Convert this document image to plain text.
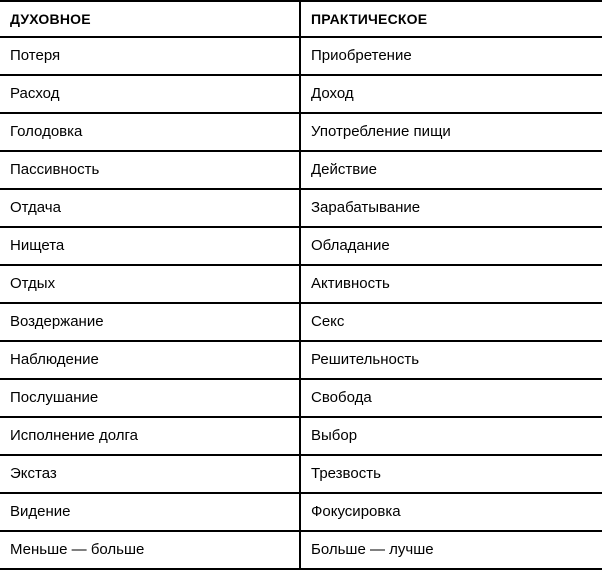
ДУХОВНОЕ	ПРАКТИЧЕСКОЕ
Потеря	Приобретение
Расход	Доход
Голодовка	Употребление пищи
Пассивность	Действие
Отдача	Зарабатывание
Нищета	Обладание
Отдых	Активность
Воздержание	Секс
Наблюдение	Решительность
Послушание	Свобода
Исполнение долга	Выбор
Экстаз	Трезвость
Видение	Фокусировка
Меньше — больше	Больше — лучше
